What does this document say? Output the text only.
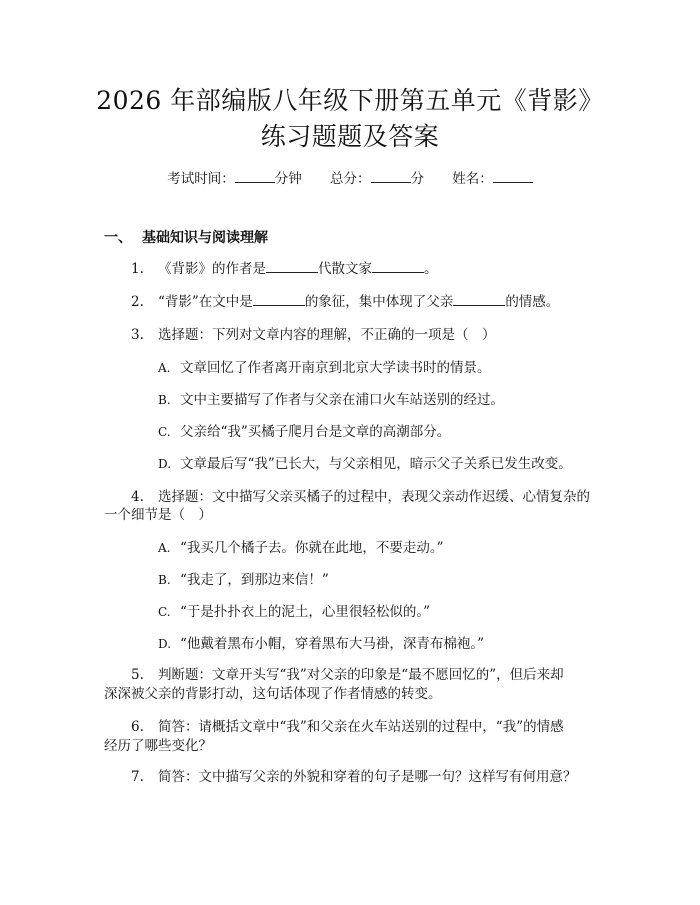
2026 年部编版八年级下册第五单元《背影》
练习题题及答案
考试时间：	分钟 总分：	分 姓名：
一、 基础知识与阅读理解
1. 《背影》的作者是	代散文家	。
2. “背影”在文中是	的象征，集中体现了父亲	的情感。
3. 选择题：下列对文章内容的理解，不正确的一项是（　）
A. 文章回忆了作者离开南京到北京大学读书时的情景。
B. 文中主要描写了作者与父亲在浦口火车站送别的经过。
C. 父亲给“我”买橘子爬月台是文章的高潮部分。
D. 文章最后写“我”已长大，与父亲相见，暗示父子关系已发生改变。
4. 选择题：文中描写父亲买橘子的过程中，表现父亲动作迟缓、心情复杂的
一个细节是（　）
A. “我买几个橘子去。你就在此地，不要走动。”
B. “我走了，到那边来信！”
C. “于是扑扑衣上的泥土，心里很轻松似的。”
D. “他戴着黑布小帽，穿着黑布大马褂，深青布棉袍。”
5. 判断题：文章开头写“我”对父亲的印象是“最不愿回忆的”，但后来却
深深被父亲的背影打动，这句话体现了作者情感的转变。
6. 简答：请概括文章中“我”和父亲在火车站送别的过程中，“我”的情感
经历了哪些变化？
7. 简答：文中描写父亲的外貌和穿着的句子是哪一句？这样写有何用意？
